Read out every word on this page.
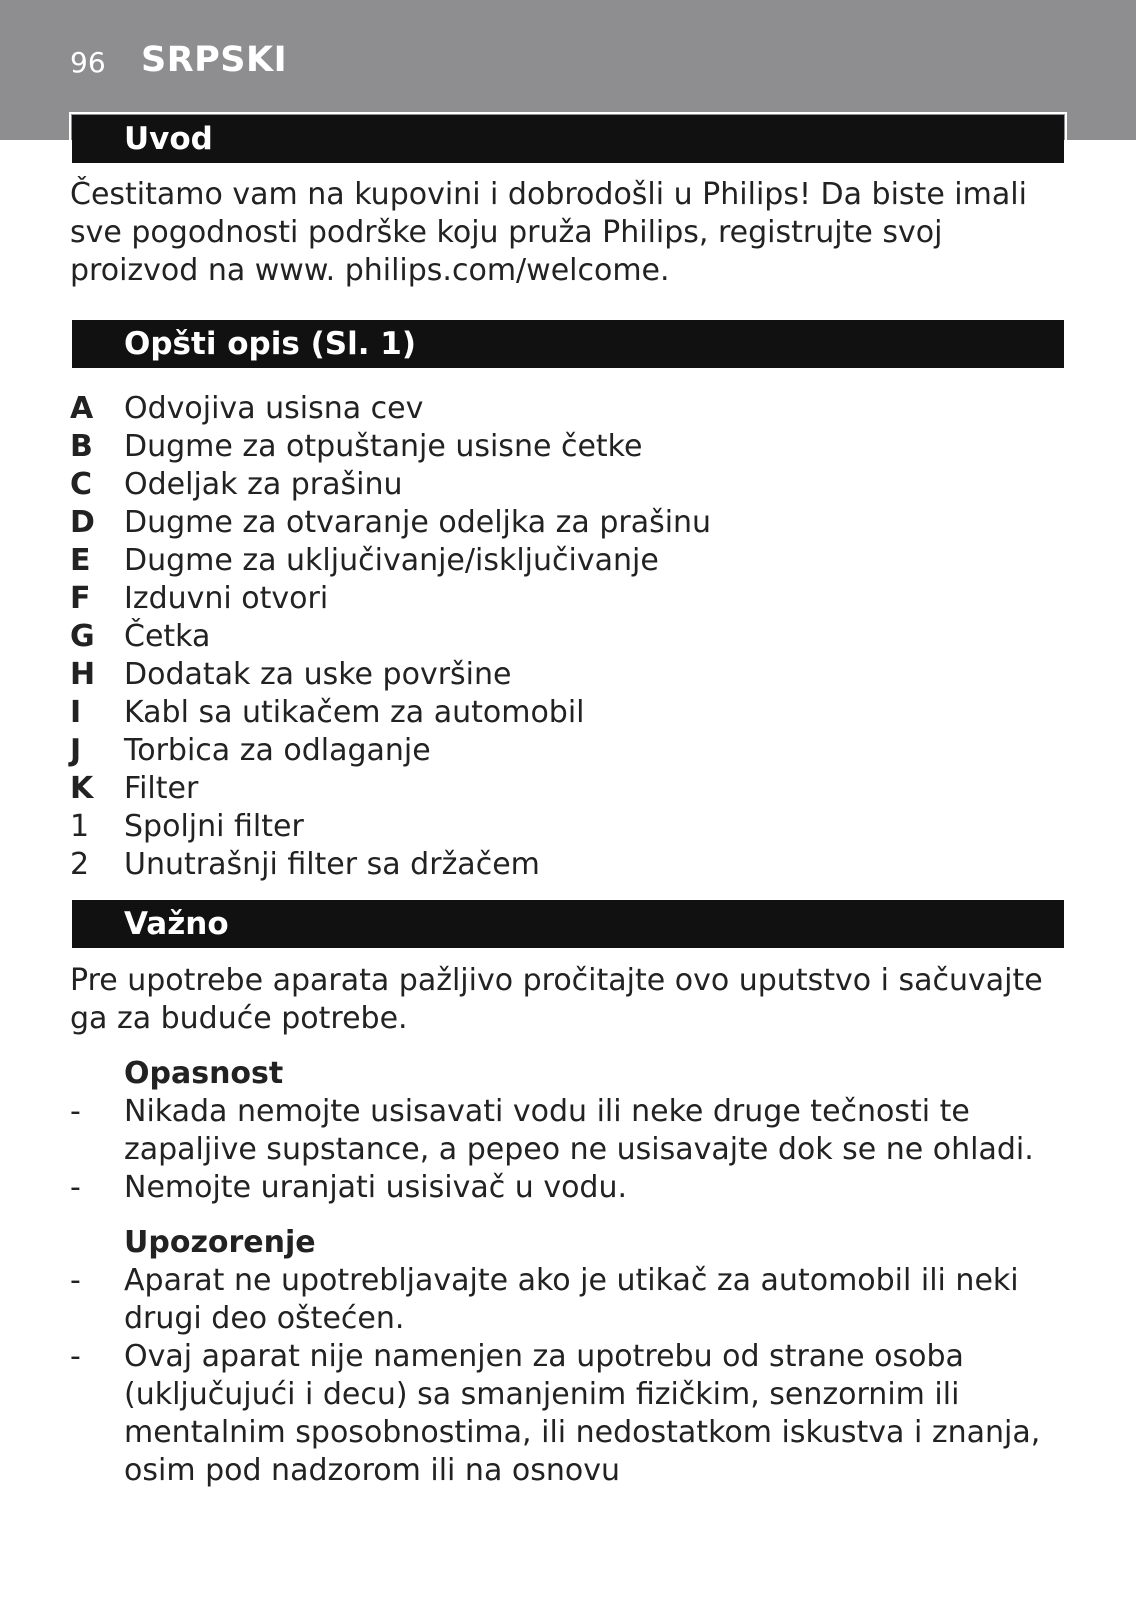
96 SRPSKI
Uvod
Čestitamo vam na kupovini i dobrodošli u Philips! Da biste imali sve pogodnosti podrške koju pruža Philips, registrujte svoj proizvod na www. philips.com/welcome.
Opšti opis (Sl. 1)
A Odvojiva usisna cev
B Dugme za otpuštanje usisne četke
C Odeljak za prašinu
D Dugme za otvaranje odeljka za prašinu
E Dugme za uključivanje/isključivanje
F Izduvni otvori
G Četka
H Dodatak za uske površine
I Kabl sa utikačem za automobil
J Torbica za odlaganje
K Filter
1 Spoljni filter
2 Unutrašnji filter sa držačem
Važno
Pre upotrebe aparata pažljivo pročitajte ovo uputstvo i sačuvajte ga za buduće potrebe.
Opasnost
- Nikada nemojte usisavati vodu ili neke druge tečnosti te zapaljive supstance, a pepeo ne usisavajte dok se ne ohladi.
- Nemojte uranjati usisivač u vodu.
Upozorenje
- Aparat ne upotrebljavajte ako je utikač za automobil ili neki drugi deo oštećen.
- Ovaj aparat nije namenjen za upotrebu od strane osoba (uključujući i decu) sa smanjenim fizičkim, senzornim ili mentalnim sposobnostima, ili nedostatkom iskustva i znanja, osim pod nadzorom ili na osnovu
